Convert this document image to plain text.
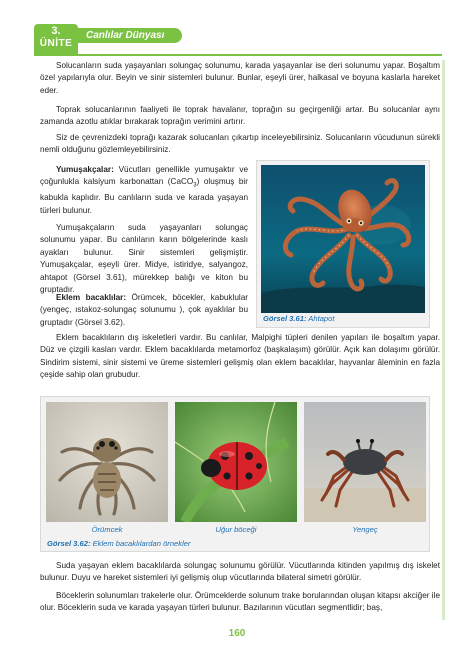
3.
ÜNİTE
Canlılar Dünyası

Solucanların suda yaşayanları solungaç solunumu, karada yaşayanlar ise deri solunumu yapar. Boşaltım özel yapılarıyla olur. Beyin ve sinir sistemleri bulunur. Bunlar, eşeyli ürer, halkasal ve boyuna kaslarla hareket eder.

Toprak solucanlarının faaliyeti ile toprak havalanır, toprağın su geçirgenliği artar. Bu solucanlar aynı zamanda azotlu atıklar bırakarak toprağın verimini artırır.

Siz de çevrenizdeki toprağı kazarak solucanları çıkartıp inceleyebilirsiniz. Solucanların vücudunun sürekli nemli olduğunu gözlemleyebilirsiniz.

Yumuşakçalar: Vücutları genellikle yumuşaktır ve çoğunlukla kalsiyum karbonattan (CaCO$_3$) oluşmuş bir kabukla kaplıdır. Bu canlıların suda ve karada yaşayan türleri bulunur.

Yumuşakçaların suda yaşayanları solungaç solunumu yapar. Bu canlıların karın bölgelerinde kaslı ayakları bulunur. Sinir sistemleri gelişmiştir. Yumuşakçalar, eşeyli ürer. Midye, istiridye, salyangoz, ahtapot (Görsel 3.61), mürekkep balığı ve kiton bu gruptadır.

Eklem bacaklılar: Örümcek, böcekler, kabuklular (yengeç, ıstakoz-solungaç solunumu ), çok ayaklılar bu gruptadır (Görsel 3.62).	Görsel 3.61: Ahtapot

Eklem bacaklıların dış iskeletleri vardır. Bu canlılar, Malpighi tüpleri denilen yapıları ile boşaltım yapar. Düz ve çizgili kasları vardır. Eklem bacaklılarda metamorfoz (başkalaşım) görülür. Açık kan dolaşımı görülür. Sindirim sistemi, sinir sistemi ve üreme sistemleri gelişmiş olan eklem bacaklılar, hayvanlar âleminin en fazla çeşide sahip olan grubudur.

Örümcek	Uğur böceği	Yengeç
Görsel 3.62: Eklem bacaklılardan örnekler

Suda yaşayan eklem bacaklılarda solungaç solunumu görülür. Vücutlarında kitinden yapılmış dış iskelet bulunur. Duyu ve hareket sistemleri iyi gelişmiş olup vücutlarında bilateral simetri görülür.

Böceklerin solunumları trakelerle olur. Örümceklerde solunum trake borularından oluşan kitapsı akciğer ile olur. Böceklerin suda ve karada yaşayan türleri bulunur. Bazılarının vücutları segmentlidir; baş,

160
